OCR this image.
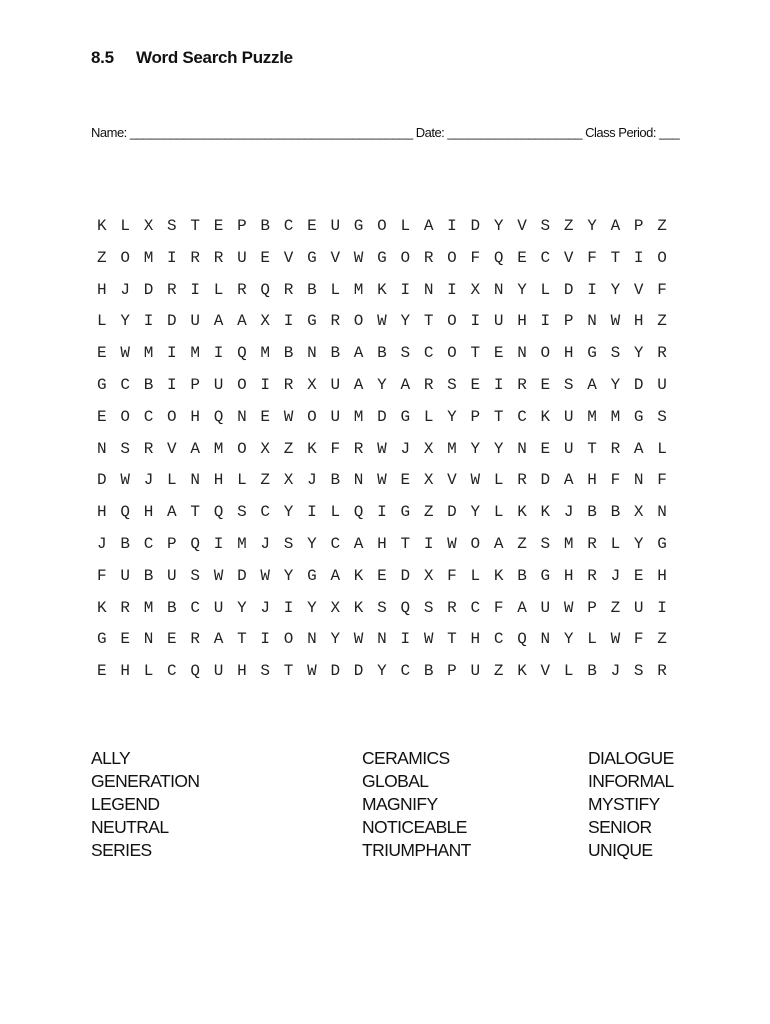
8.5 Word Search Puzzle
Name: __________________________________________ Date: ____________________ Class Period: ___
K L X S T E P B C E U G O L A I D Y V S Z Y A P Z
Z O M I R R U E V G V W G O R O F Q E C V F T I O
H J D R I L R Q R B L M K I N I X N Y L D I Y V F
L Y I D U A A X I G R O W Y T O I U H I P N W H Z
E W M I M I Q M B N B A B S C O T E N O H G S Y R
G C B I P U O I R X U A Y A R S E I R E S A Y D U
E O C O H Q N E W O U M D G L Y P T C K U M M G S
N S R V A M O X Z K F R W J X M Y Y N E U T R A L
D W J L N H L Z X J B N W E X V W L R D A H F N F
H Q H A T Q S C Y I L Q I G Z D Y L K K J B B X N
J B C P Q I M J S Y C A H T I W O A Z S M R L Y G
F U B U S W D W Y G A K E D X F L K B G H R J E H
K R M B C U Y J I Y X K S Q S R C F A U W P Z U I
G E N E R A T I O N Y W N I W T H C Q N Y L W F Z
E H L C Q U H S T W D D Y C B P U Z K V L B J S R
ALLY
GENERATION
LEGEND
NEUTRAL
SERIES
CERAMICS
GLOBAL
MAGNIFY
NOTICEABLE
TRIUMPHANT
DIALOGUE
INFORMAL
MYSTIFY
SENIOR
UNIQUE
